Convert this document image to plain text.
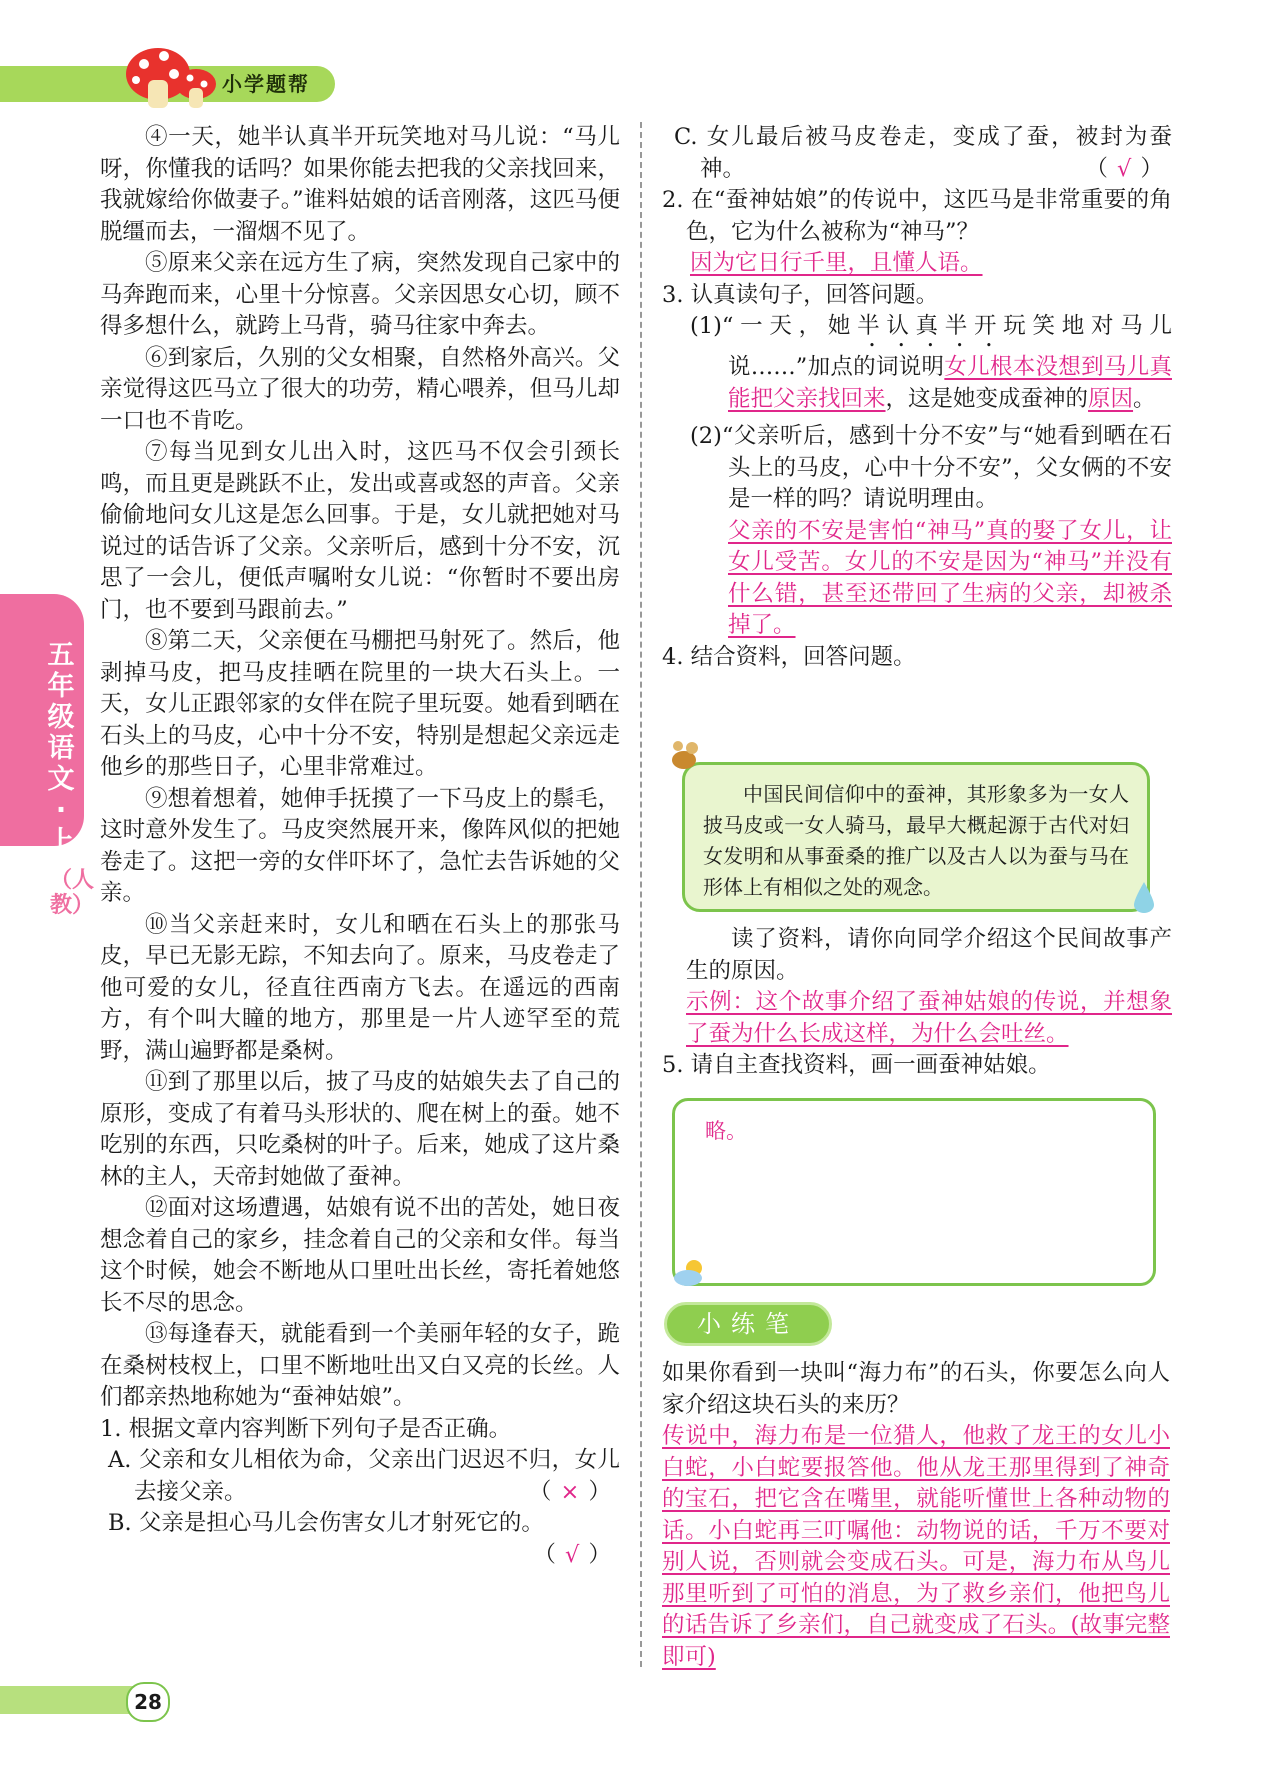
小学题帮
五年级语文·上
（人教）

④一天，她半认真半开玩笑地对马儿说：“马儿呀，你懂我的话吗？如果你能去把我的父亲找回来，我就嫁给你做妻子。”谁料姑娘的话音刚落，这匹马便脱缰而去，一溜烟不见了。

⑤原来父亲在远方生了病，突然发现自己家中的马奔跑而来，心里十分惊喜。父亲因思女心切，顾不得多想什么，就跨上马背，骑马往家中奔去。

⑥到家后，久别的父女相聚，自然格外高兴。父亲觉得这匹马立了很大的功劳，精心喂养，但马儿却一口也不肯吃。

⑦每当见到女儿出入时，这匹马不仅会引颈长鸣，而且更是跳跃不止，发出或喜或怒的声音。父亲偷偷地问女儿这是怎么回事。于是，女儿就把她对马说过的话告诉了父亲。父亲听后，感到十分不安，沉思了一会儿，便低声嘱咐女儿说：“你暂时不要出房门，也不要到马跟前去。”

⑧第二天，父亲便在马棚把马射死了。然后，他剥掉马皮，把马皮挂晒在院里的一块大石头上。一天，女儿正跟邻家的女伴在院子里玩耍。她看到晒在石头上的马皮，心中十分不安，特别是想起父亲远走他乡的那些日子，心里非常难过。

⑨想着想着，她伸手抚摸了一下马皮上的鬃毛，这时意外发生了。马皮突然展开来，像阵风似的把她卷走了。这把一旁的女伴吓坏了，急忙去告诉她的父亲。

⑩当父亲赶来时，女儿和晒在石头上的那张马皮，早已无影无踪，不知去向了。原来，马皮卷走了他可爱的女儿，径直往西南方飞去。在遥远的西南方，有个叫大瞳的地方，那里是一片人迹罕至的荒野，满山遍野都是桑树。

⑪到了那里以后，披了马皮的姑娘失去了自己的原形，变成了有着马头形状的、爬在树上的蚕。她不吃别的东西，只吃桑树的叶子。后来，她成了这片桑林的主人，天帝封她做了蚕神。

⑫面对这场遭遇，姑娘有说不出的苦处，她日夜想念着自己的家乡，挂念着自己的父亲和女伴。每当这个时候，她会不断地从口里吐出长丝，寄托着她悠长不尽的思念。

⑬每逢春天，就能看到一个美丽年轻的女子，跪在桑树枝杈上，口里不断地吐出又白又亮的长丝。人们都亲热地称她为“蚕神姑娘”。

1. 根据文章内容判断下列句子是否正确。
A. 父亲和女儿相依为命，父亲出门迟迟不归，女儿去接父亲。	（ × ）
B. 父亲是担心马儿会伤害女儿才射死它的。

（ √ ）
C. 女儿最后被马皮卷走，变成了蚕，被封为蚕神。	（ √ ）
2. 在“蚕神姑娘”的传说中，这匹马是非常重要的角色，它为什么被称为“神马”？
因为它日行千里，且懂人语。
3. 认真读句子，回答问题。
(1)“一天，她半认真半开玩笑地对马儿说……”加点的词说明女儿根本没想到马儿真能把父亲找回来，这是她变成蚕神的原因。
(2)“父亲听后，感到十分不安”与“她看到晒在石头上的马皮，心中十分不安”，父女俩的不安是一样的吗？请说明理由。
父亲的不安是害怕“神马”真的娶了女儿，让女儿受苦。女儿的不安是因为“神马”并没有什么错，甚至还带回了生病的父亲，却被杀掉了。
4. 结合资料，回答问题。

中国民间信仰中的蚕神，其形象多为一女人披马皮或一女人骑马，最早大概起源于古代对妇女发明和从事蚕桑的推广以及古人以为蚕与马在形体上有相似之处的观念。

读了资料，请你向同学介绍这个民间故事产生的原因。
示例：这个故事介绍了蚕神姑娘的传说，并想象了蚕为什么长成这样，为什么会吐丝。
5. 请自主查找资料，画一画蚕神姑娘。
略。
小练笔
如果你看到一块叫“海力布”的石头，你要怎么向人家介绍这块石头的来历？
传说中，海力布是一位猎人，他救了龙王的女儿小白蛇，小白蛇要报答他。他从龙王那里得到了神奇的宝石，把它含在嘴里，就能听懂世上各种动物的话。小白蛇再三叮嘱他：动物说的话，千万不要对别人说，否则就会变成石头。可是，海力布从鸟儿那里听到了可怕的消息，为了救乡亲们，他把鸟儿的话告诉了乡亲们，自己就变成了石头。(故事完整即可)
28
